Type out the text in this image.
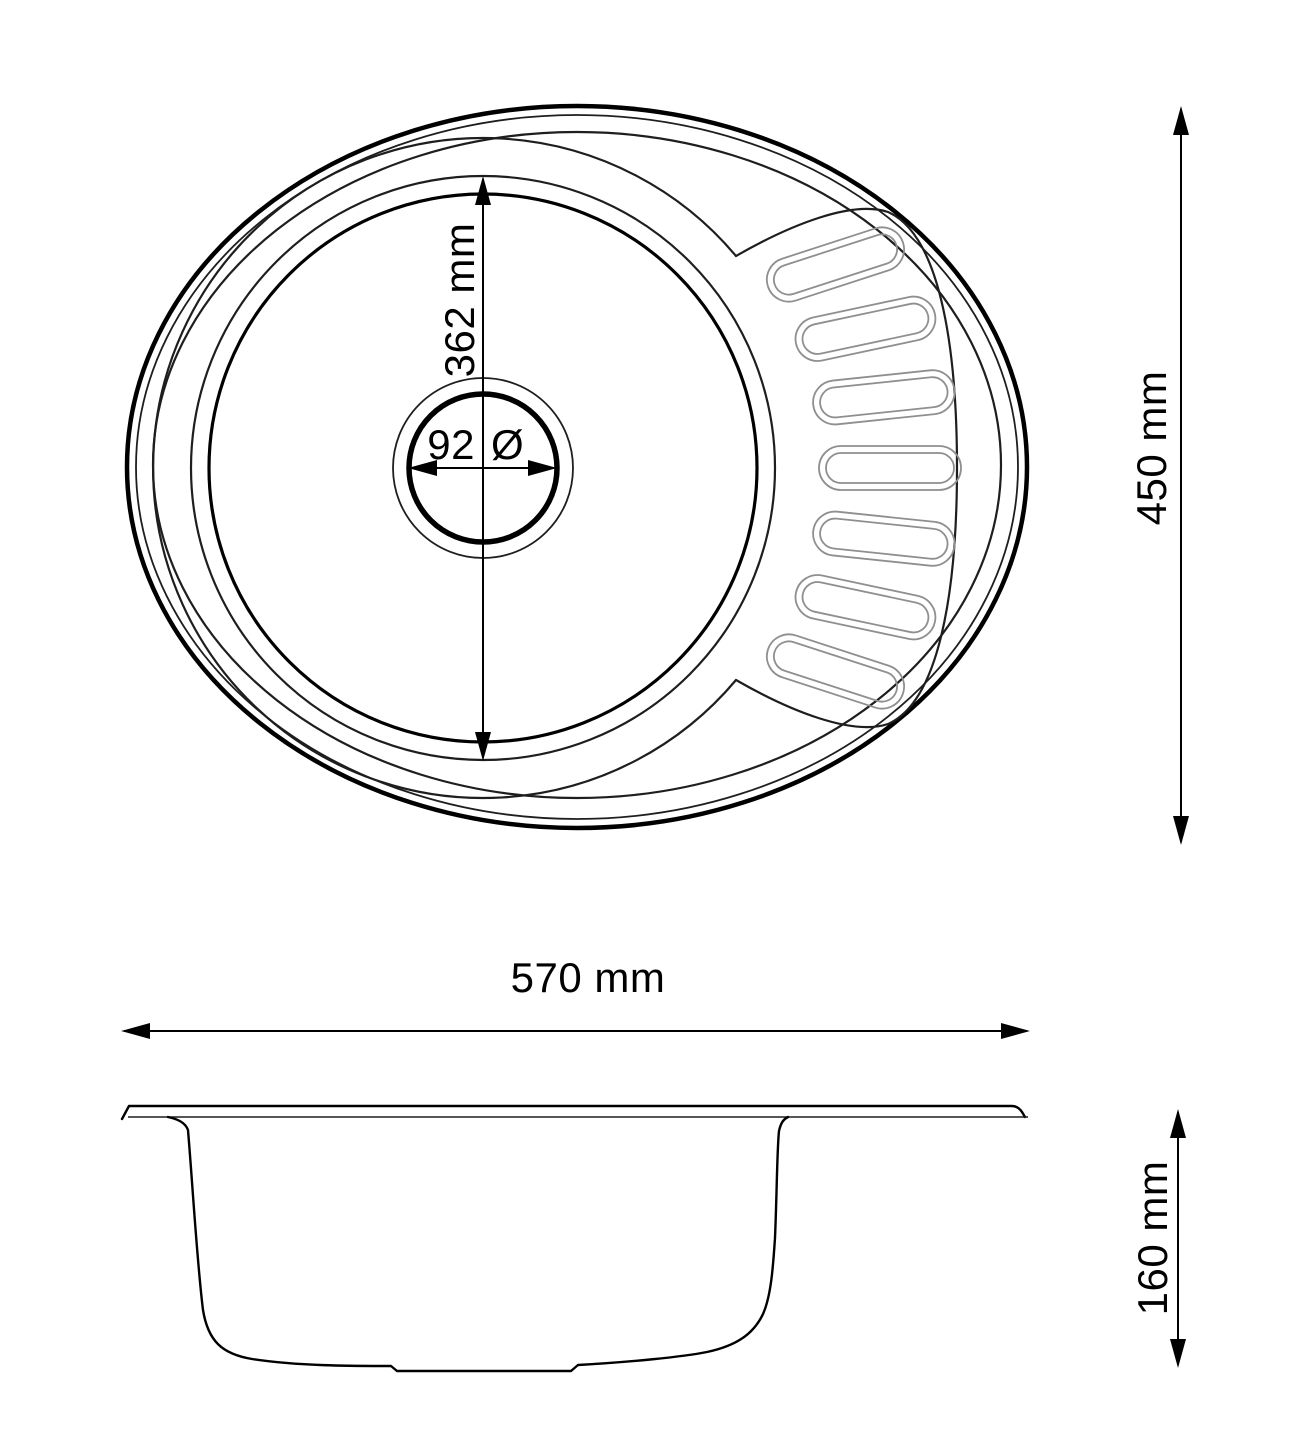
362 mm
92 Ø	450 mm
570 mm
160 mm
